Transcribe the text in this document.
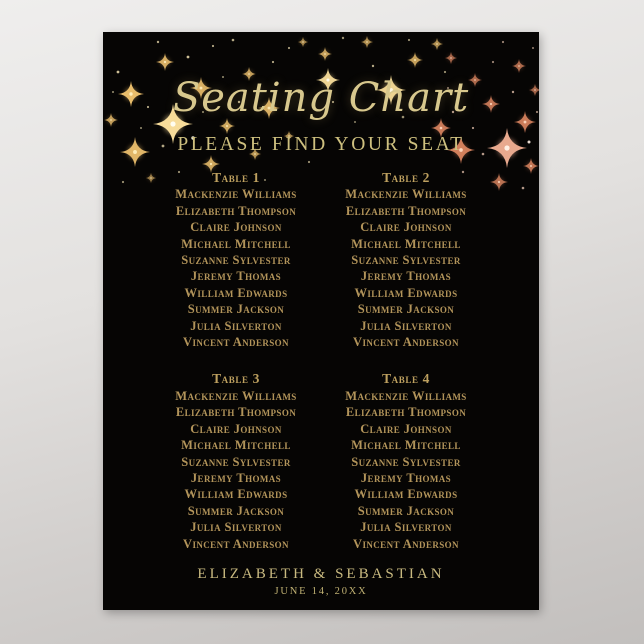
Seating Chart
PLEASE FIND YOUR SEAT
Table 1
Mackenzie Williams
Elizabeth Thompson
Claire Johnson
Michael Mitchell
Suzanne Sylvester
Jeremy Thomas
William Edwards
Summer Jackson
Julia Silverton
Vincent Anderson
Table 2
Mackenzie Williams
Elizabeth Thompson
Claire Johnson
Michael Mitchell
Suzanne Sylvester
Jeremy Thomas
William Edwards
Summer Jackson
Julia Silverton
Vincent Anderson
Table 3
Mackenzie Williams
Elizabeth Thompson
Claire Johnson
Michael Mitchell
Suzanne Sylvester
Jeremy Thomas
William Edwards
Summer Jackson
Julia Silverton
Vincent Anderson
Table 4
Mackenzie Williams
Elizabeth Thompson
Claire Johnson
Michael Mitchell
Suzanne Sylvester
Jeremy Thomas
William Edwards
Summer Jackson
Julia Silverton
Vincent Anderson
ELIZABETH & SEBASTIAN
JUNE 14, 20XX
